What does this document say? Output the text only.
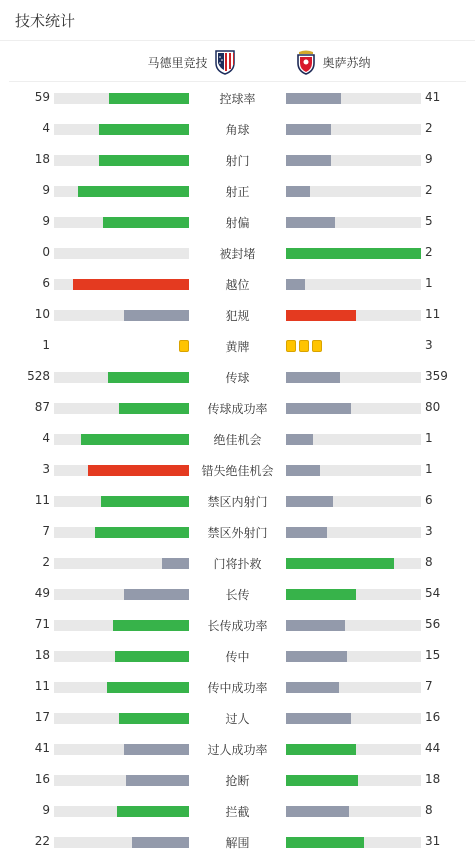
技术统计
马德里竞技	奥萨苏纳
59	控球率	41
4	角球	2
18	射门	9
9	射正	2
9	射偏	5
0	被封堵	2
6	越位	1
10	犯规	11
1	黄牌	3
528	传球	359
87	传球成功率	80
4	绝佳机会	1
3	错失绝佳机会	1
11	禁区内射门	6
7	禁区外射门	3
2	门将扑救	8
49	长传	54
71	长传成功率	56
18	传中	15
11	传中成功率	7
17	过人	16
41	过人成功率	44
16	抢断	18
9	拦截	8
22	解围	31
